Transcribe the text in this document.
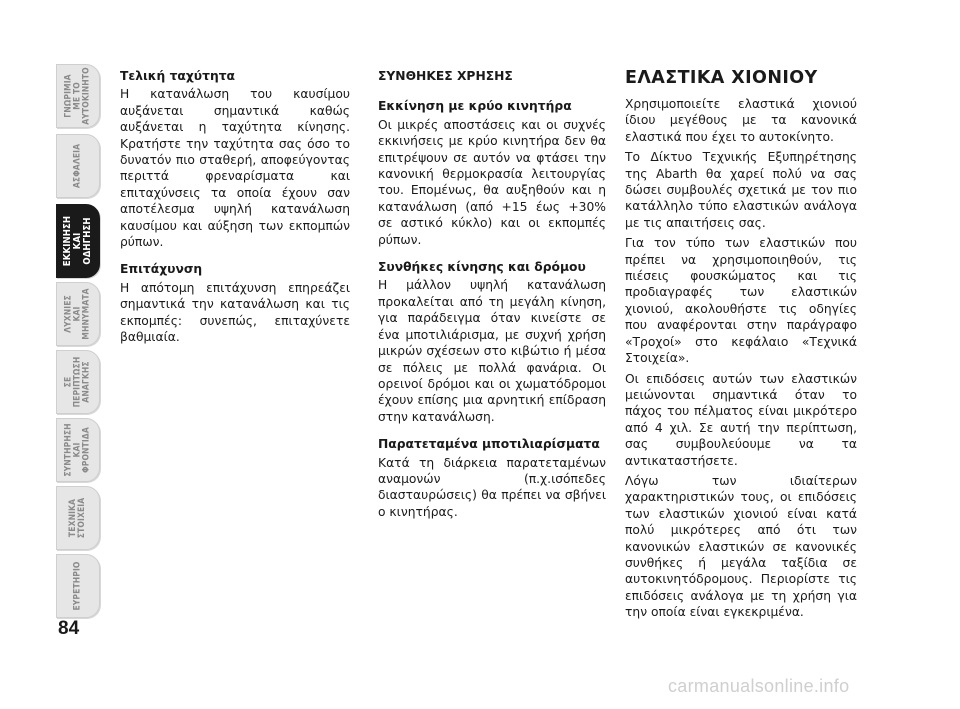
ΓΝΩΡΙΜΙΑ
ΜΕ ΤΟ
ΑΥΤΟΚΙΝΗΤΟ
ΑΣΦΑΛΕΙΑ
ΕΚΚΙΝΗΣΗ
ΚΑΙ
ΟΔΗΓΗΣΗ
ΛΥΧΝΙΕΣ
ΚΑΙ
ΜΗΝΥΜΑΤΑ
ΣΕ
ΠΕΡΙΠΤΩΣΗ
ΑΝΑΓΚΗΣ
ΣΥΝΤΗΡΗΣΗ
ΚΑΙ
ΦΡΟΝΤΙΔΑ
ΤΕΧΝΙΚΑ
ΣΤΟΙΧΕΙΑ
ΕΥΡΕΤΗΡΙΟ
84
Τελική ταχύτητα

Η κατανάλωση του καυσίμου αυξάνεται σημαντικά καθώς αυξάνεται η ταχύτητα κίνησης. Κρατήστε την ταχύτητα σας όσο το δυνατόν πιο σταθερή, αποφεύγοντας περιττά φρεναρίσματα και επιταχύνσεις τα οποία έχουν σαν αποτέλεσμα υψηλή κατανάλωση καυσίμου και αύξηση των εκπομπών ρύπων.

Επιτάχυνση

Η απότομη επιτάχυνση επηρεάζει σημαντικά την κατανάλωση και τις εκπομπές: συνεπώς, επιταχύνετε βαθμιαία.

ΣΥΝΘΗΚΕΣ ΧΡΗΣΗΣ
Εκκίνηση με κρύο κινητήρα

Οι μικρές αποστάσεις και οι συχνές εκκινήσεις με κρύο κινητήρα δεν θα επιτρέψουν σε αυτόν να φτάσει την κανονική θερμοκρασία λειτουργίας του. Επομένως, θα αυξηθούν και η κατανάλωση (από +15 έως +30% σε αστικό κύκλο) και οι εκπομπές ρύπων.

Συνθήκες κίνησης και δρόμου

Η μάλλον υψηλή κατανάλωση προκαλείται από τη μεγάλη κίνηση, για παράδειγμα όταν κινείστε σε ένα μποτιλιάρισμα, με συχνή χρήση μικρών σχέσεων στο κιβώτιο ή μέσα σε πόλεις με πολλά φανάρια. Οι ορεινοί δρόμοι και οι χωματόδρομοι έχουν επίσης μια αρνητική επίδραση στην κατανάλωση.

Παρατεταμένα μποτιλιαρίσματα

Κατά τη διάρκεια παρατεταμένων αναμονών (π.χ.ισόπεδες διασταυρώσεις) θα πρέπει να σβήνει ο κινητήρας.

ΕΛΑΣΤΙΚΑ ΧΙΟΝΙΟΥ

Χρησιμοποιείτε ελαστικά χιονιού ίδιου μεγέθους με τα κανονικά ελαστικά που έχει το αυτοκίνητο.

Το Δίκτυο Τεχνικής Εξυπηρέτησης της Abarth θα χαρεί πολύ να σας δώσει συμβουλές σχετικά με τον πιο κατάλληλο τύπο ελαστικών ανάλογα με τις απαιτήσεις σας.

Για τον τύπο των ελαστικών που πρέπει να χρησιμοποιηθούν, τις πιέσεις φουσκώματος και τις προδιαγραφές των ελαστικών χιονιού, ακολουθήστε τις οδηγίες που αναφέρονται στην παράγραφο «Τροχοί» στο κεφάλαιο «Τεχνικά Στοιχεία».

Οι επιδόσεις αυτών των ελαστικών μειώνονται σημαντικά όταν το πάχος του πέλματος είναι μικρότερο από 4 χιλ. Σε αυτή την περίπτωση, σας συμβουλεύουμε να τα αντικαταστήσετε.

Λόγω των ιδιαίτερων χαρακτηριστικών τους, οι επιδόσεις των ελαστικών χιονιού είναι κατά πολύ μικρότερες από ότι των κανονικών ελαστικών σε κανονικές συνθήκες ή μεγάλα ταξίδια σε αυτοκινητόδρομους. Περιορίστε τις επιδόσεις ανάλογα με τη χρήση για την οποία είναι εγκεκριμένα.

carmanualsonline.info
